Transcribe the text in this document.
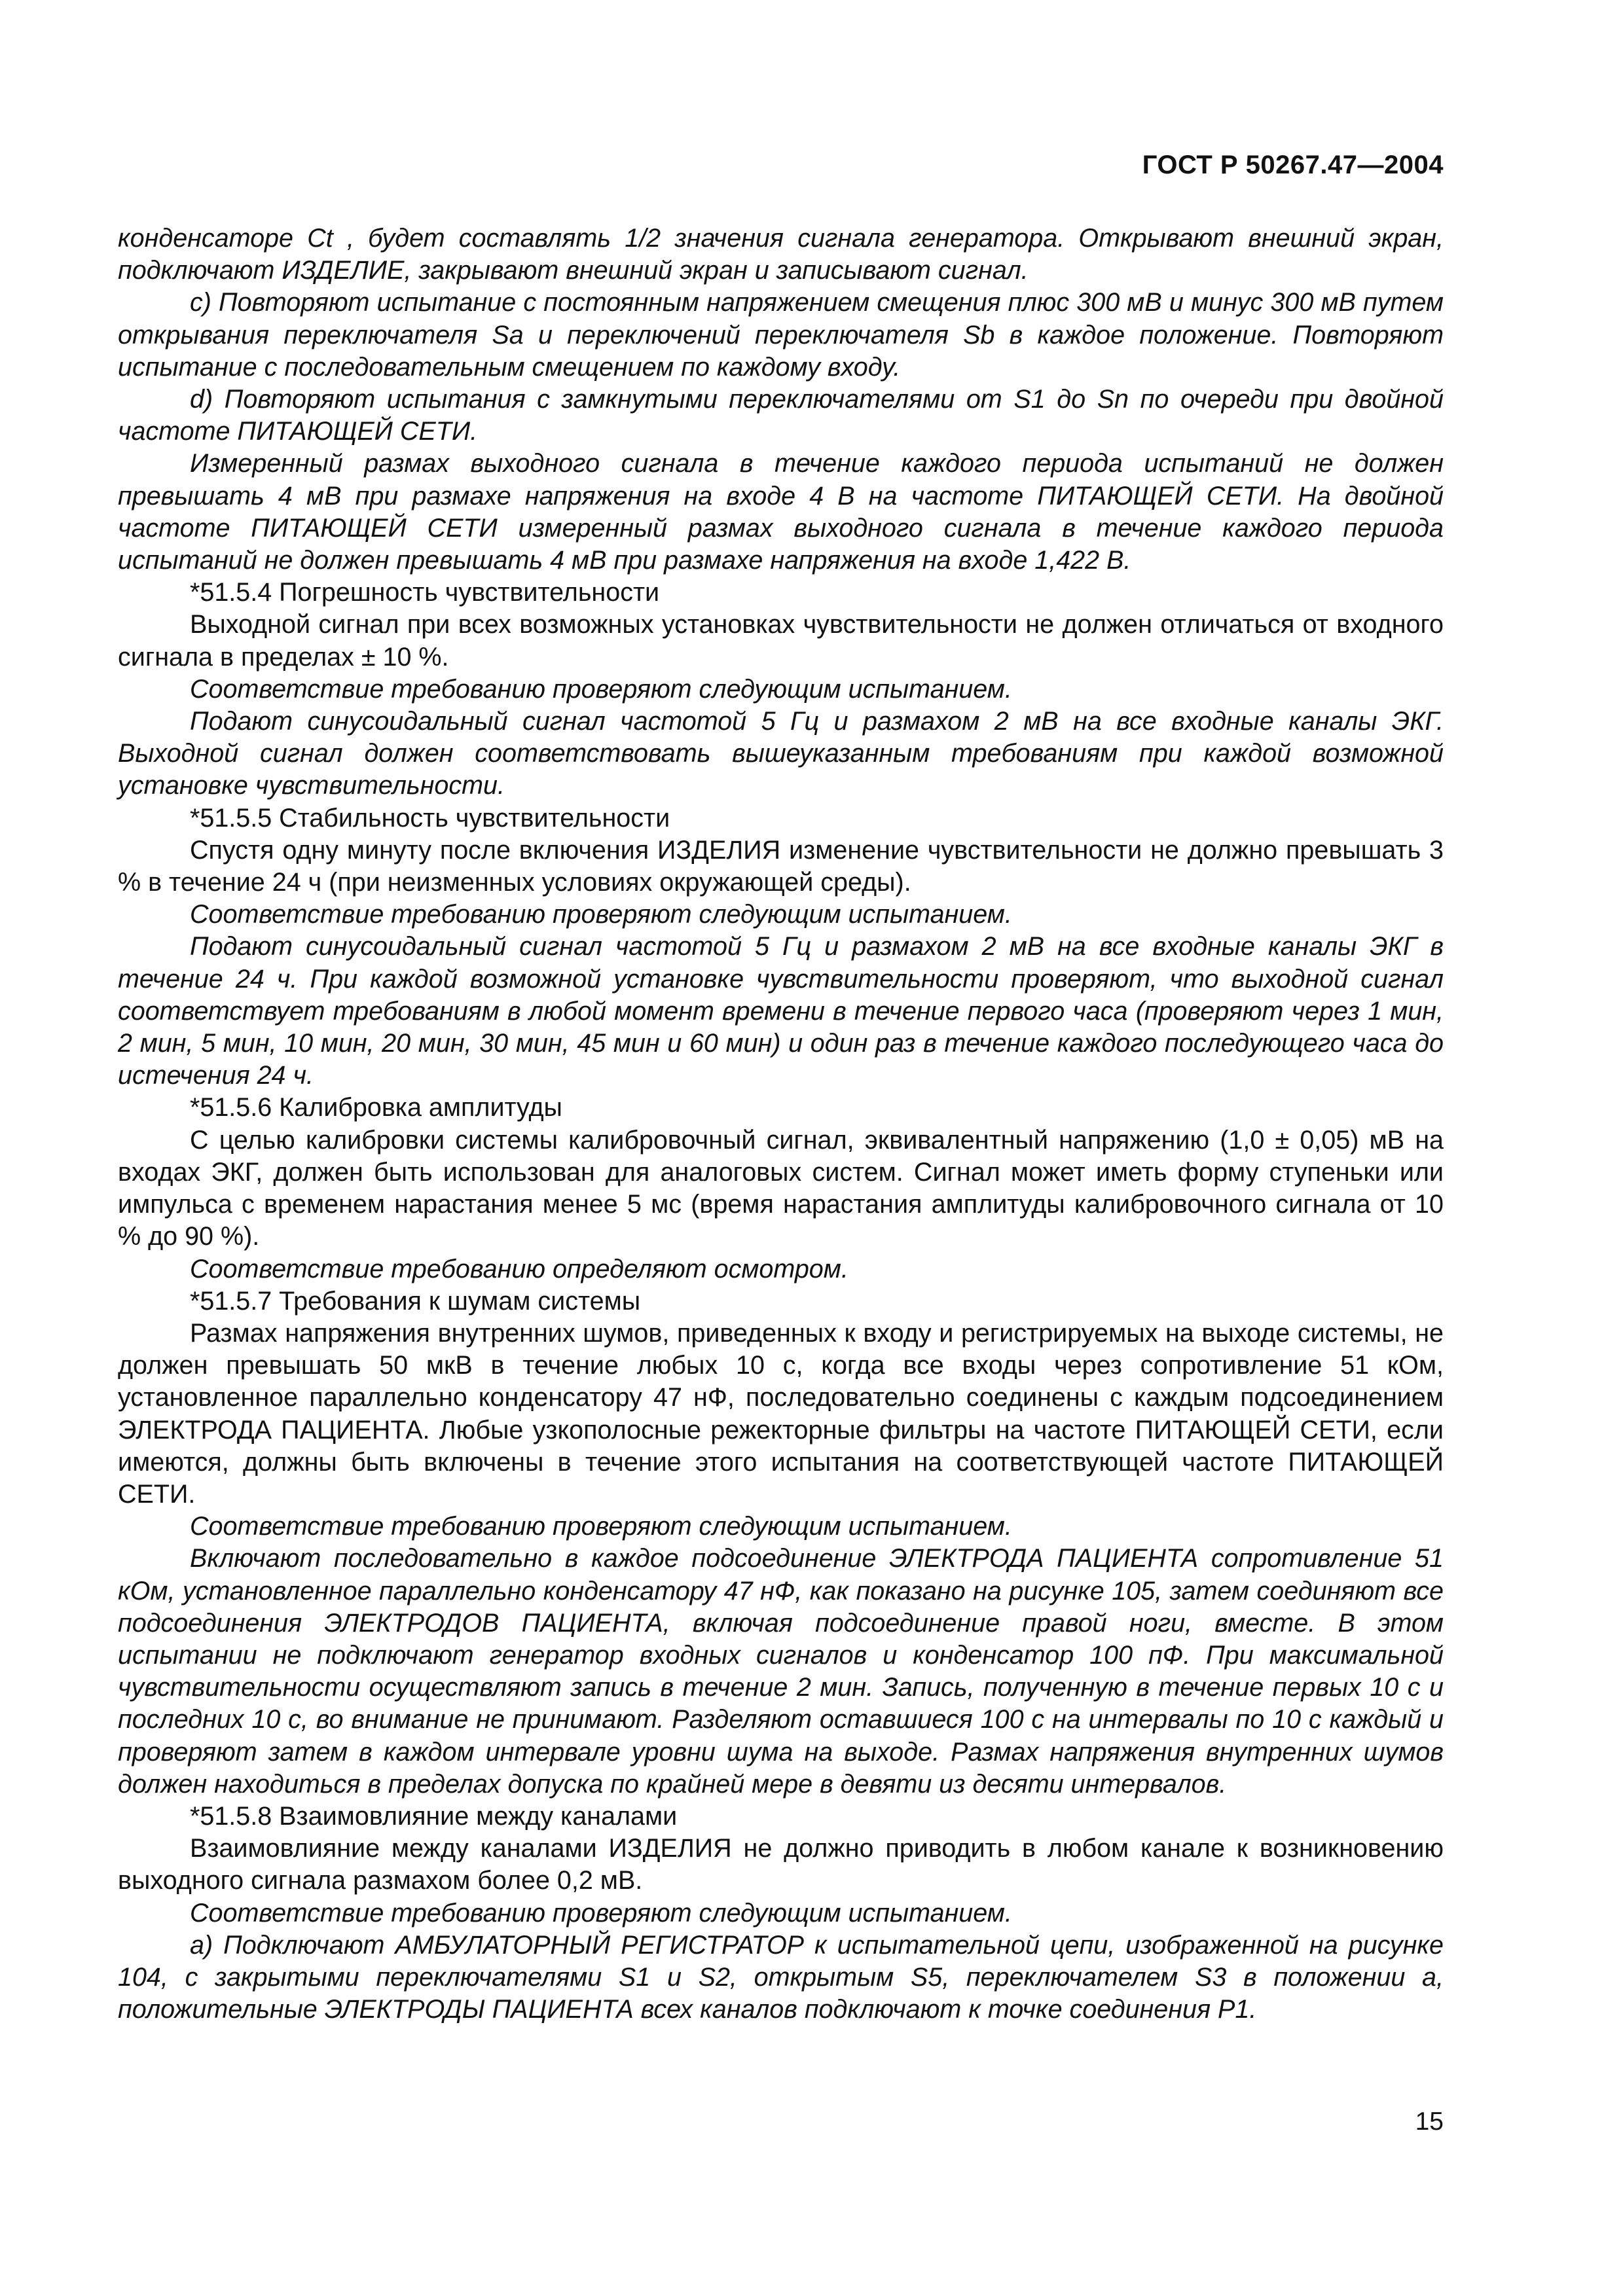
ГОСТ Р 50267.47—2004

конденсаторе Ct , будет составлять 1/2 значения сигнала генератора. Открывают внешний экран, подключают ИЗДЕЛИЕ, закрывают внешний экран и записывают сигнал.

c) Повторяют испытание с постоянным напряжением смещения плюс 300 мВ и минус 300 мВ путем открывания переключателя Sa и переключений переключателя Sb в каждое положение. Повторяют испытание с последовательным смещением по каждому входу.

d) Повторяют испытания с замкнутыми переключателями от S1 до Sn по очереди при двойной частоте ПИТАЮЩЕЙ СЕТИ.

Измеренный размах выходного сигнала в течение каждого периода испытаний не должен превышать 4 мВ при размахе напряжения на входе 4 В на частоте ПИТАЮЩЕЙ СЕТИ. На двойной частоте ПИТАЮЩЕЙ СЕТИ измеренный размах выходного сигнала в течение каждого периода испытаний не должен превышать 4 мВ при размахе напряжения на входе 1,422 В.

*51.5.4 Погрешность чувствительности

Выходной сигнал при всех возможных установках чувствительности не должен отличаться от входного сигнала в пределах ± 10 %.

Соответствие требованию проверяют следующим испытанием.

Подают синусоидальный сигнал частотой 5 Гц и размахом 2 мВ на все входные каналы ЭКГ. Выходной сигнал должен соответствовать вышеуказанным требованиям при каждой возможной установке чувствительности.

*51.5.5 Стабильность чувствительности

Спустя одну минуту после включения ИЗДЕЛИЯ изменение чувствительности не должно превышать 3 % в течение 24 ч (при неизменных условиях окружающей среды).

Соответствие требованию проверяют следующим испытанием.

Подают синусоидальный сигнал частотой 5 Гц и размахом 2 мВ на все входные каналы ЭКГ в течение 24 ч. При каждой возможной установке чувствительности проверяют, что выходной сигнал соответствует требованиям в любой момент времени в течение первого часа (проверяют через 1 мин, 2 мин, 5 мин, 10 мин, 20 мин, 30 мин, 45 мин и 60 мин) и один раз в течение каждого последующего часа до истечения 24 ч.

*51.5.6 Калибровка амплитуды

С целью калибровки системы калибровочный сигнал, эквивалентный напряжению (1,0 ± 0,05) мВ на входах ЭКГ, должен быть использован для аналоговых систем. Сигнал может иметь форму ступеньки или импульса с временем нарастания менее 5 мс (время нарастания амплитуды калибровочного сигнала от 10 % до 90 %).

Соответствие требованию определяют осмотром.

*51.5.7 Требования к шумам системы

Размах напряжения внутренних шумов, приведенных к входу и регистрируемых на выходе системы, не должен превышать 50 мкВ в течение любых 10 с, когда все входы через сопротивление 51 кОм, установленное параллельно конденсатору 47 нФ, последовательно соединены с каждым подсоединением ЭЛЕКТРОДА ПАЦИЕНТА. Любые узкополосные режекторные фильтры на частоте ПИТАЮЩЕЙ СЕТИ, если имеются, должны быть включены в течение этого испытания на соответствующей частоте ПИТАЮЩЕЙ СЕТИ.

Соответствие требованию проверяют следующим испытанием.

Включают последовательно в каждое подсоединение ЭЛЕКТРОДА ПАЦИЕНТА сопротивление 51 кОм, установленное параллельно конденсатору 47 нФ, как показано на рисунке 105, затем соединяют все подсоединения ЭЛЕКТРОДОВ ПАЦИЕНТА, включая подсоединение правой ноги, вместе. В этом испытании не подключают генератор входных сигналов и конденсатор 100 пФ. При максимальной чувствительности осуществляют запись в течение 2 мин. Запись, полученную в течение первых 10 с и последних 10 с, во внимание не принимают. Разделяют оставшиеся 100 с на интервалы по 10 с каждый и проверяют затем в каждом интервале уровни шума на выходе. Размах напряжения внутренних шумов должен находиться в пределах допуска по крайней мере в девяти из десяти интервалов.

*51.5.8 Взаимовлияние между каналами

Взаимовлияние между каналами ИЗДЕЛИЯ не должно приводить в любом канале к возникновению выходного сигнала размахом более 0,2 мВ.

Соответствие требованию проверяют следующим испытанием.

a) Подключают АМБУЛАТОРНЫЙ РЕГИСТРАТОР к испытательной цепи, изображенной на рисунке 104, с закрытыми переключателями S1 и S2, открытым S5, переключателем S3 в положении a, положительные ЭЛЕКТРОДЫ ПАЦИЕНТА всех каналов подключают к точке соединения P1.

15
